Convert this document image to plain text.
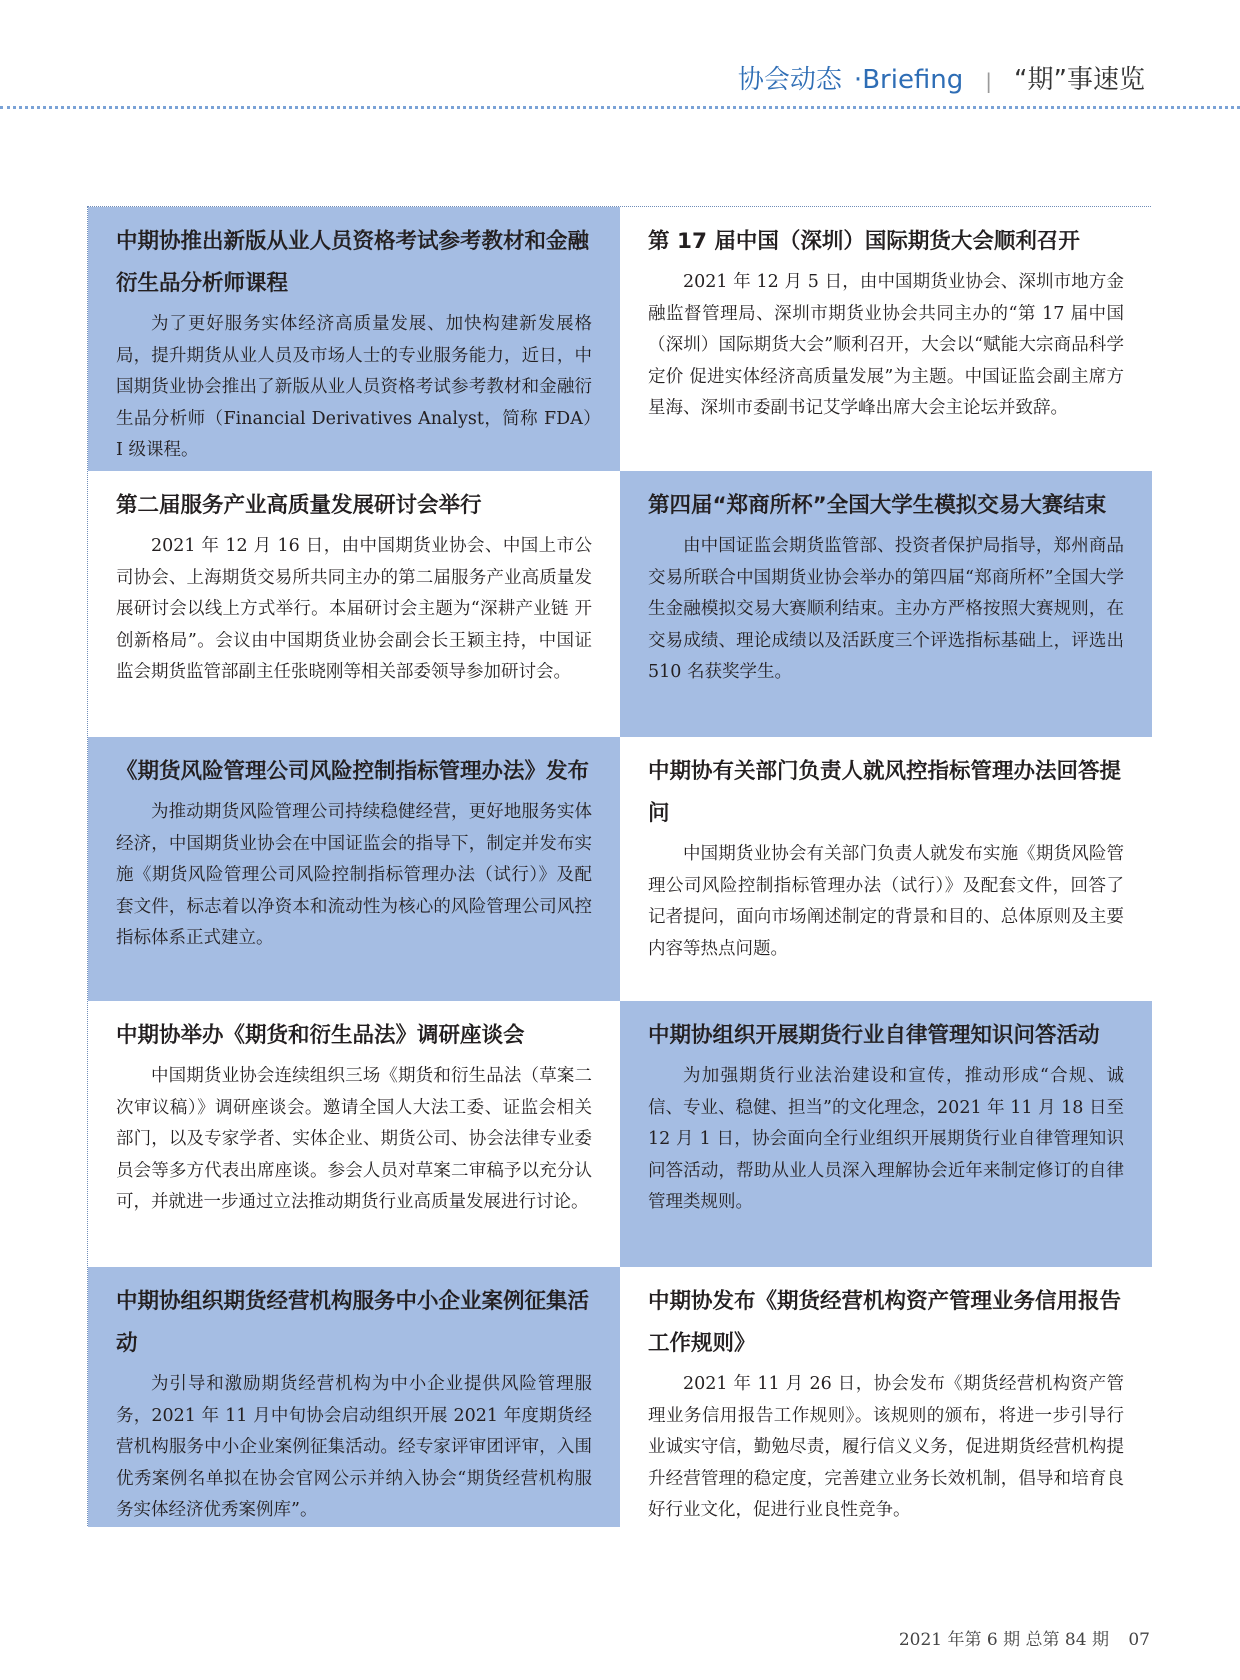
协会动态 · Briefing	| “期”事速览
中期协推出新版从业人员资格考试参考教材和金融衍生品分析师课程

为了更好服务实体经济高质量发展、加快构建新发展格局，提升期货从业人员及市场人士的专业服务能力，近日，中国期货业协会推出了新版从业人员资格考试参考教材和金融衍生品分析师（Financial Derivatives Analyst，简称 FDA）I 级课程。

第 17 届中国（深圳）国际期货大会顺利召开

2021 年 12 月 5 日，由中国期货业协会、深圳市地方金融监督管理局、深圳市期货业协会共同主办的“第 17 届中国（深圳）国际期货大会”顺利召开，大会以“赋能大宗商品科学定价 促进实体经济高质量发展”为主题。中国证监会副主席方星海、深圳市委副书记艾学峰出席大会主论坛并致辞。

第二届服务产业高质量发展研讨会举行

2021 年 12 月 16 日，由中国期货业协会、中国上市公司协会、上海期货交易所共同主办的第二届服务产业高质量发展研讨会以线上方式举行。本届研讨会主题为“深耕产业链 开创新格局”。会议由中国期货业协会副会长王颖主持，中国证监会期货监管部副主任张晓刚等相关部委领导参加研讨会。

第四届“郑商所杯”全国大学生模拟交易大赛结束

由中国证监会期货监管部、投资者保护局指导，郑州商品交易所联合中国期货业协会举办的第四届“郑商所杯”全国大学生金融模拟交易大赛顺利结束。主办方严格按照大赛规则，在交易成绩、理论成绩以及活跃度三个评选指标基础上，评选出 510 名获奖学生。

《期货风险管理公司风险控制指标管理办法》发布

为推动期货风险管理公司持续稳健经营，更好地服务实体经济，中国期货业协会在中国证监会的指导下，制定并发布实施《期货风险管理公司风险控制指标管理办法（试行）》及配套文件，标志着以净资本和流动性为核心的风险管理公司风控指标体系正式建立。

中期协有关部门负责人就风控指标管理办法回答提问

中国期货业协会有关部门负责人就发布实施《期货风险管理公司风险控制指标管理办法（试行）》及配套文件，回答了记者提问，面向市场阐述制定的背景和目的、总体原则及主要内容等热点问题。

中期协举办《期货和衍生品法》调研座谈会

中国期货业协会连续组织三场《期货和衍生品法（草案二次审议稿）》调研座谈会。邀请全国人大法工委、证监会相关部门，以及专家学者、实体企业、期货公司、协会法律专业委员会等多方代表出席座谈。参会人员对草案二审稿予以充分认可，并就进一步通过立法推动期货行业高质量发展进行讨论。

中期协组织开展期货行业自律管理知识问答活动

为加强期货行业法治建设和宣传，推动形成“合规、诚信、专业、稳健、担当”的文化理念，2021 年 11 月 18 日至 12 月 1 日，协会面向全行业组织开展期货行业自律管理知识问答活动，帮助从业人员深入理解协会近年来制定修订的自律管理类规则。

中期协组织期货经营机构服务中小企业案例征集活动

为引导和激励期货经营机构为中小企业提供风险管理服务，2021 年 11 月中旬协会启动组织开展 2021 年度期货经营机构服务中小企业案例征集活动。经专家评审团评审，入围优秀案例名单拟在协会官网公示并纳入协会“期货经营机构服务实体经济优秀案例库”。

中期协发布《期货经营机构资产管理业务信用报告工作规则》

2021 年 11 月 26 日，协会发布《期货经营机构资产管理业务信用报告工作规则》。该规则的颁布，将进一步引导行业诚实守信，勤勉尽责，履行信义义务，促进期货经营机构提升经营管理的稳定度，完善建立业务长效机制，倡导和培育良好行业文化，促进行业良性竞争。

2021 年第 6 期 总第 84 期 07
